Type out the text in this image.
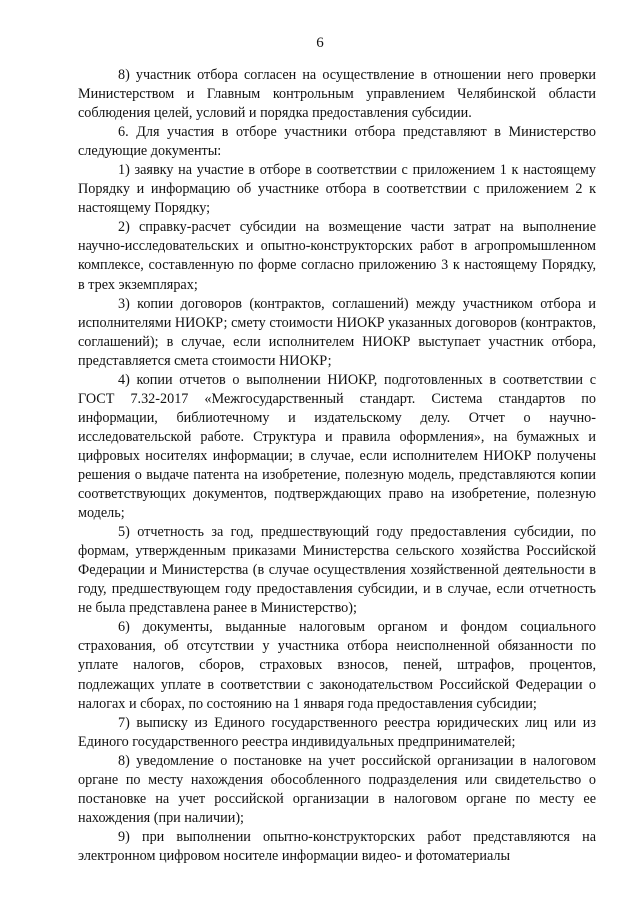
6

8) участник отбора согласен на осуществление в отношении него проверки Министерством и Главным контрольным управлением Челябинской области соблюдения целей, условий и порядка предоставления субсидии.

6. Для участия в отборе участники отбора представляют в Министерство следующие документы:

1) заявку на участие в отборе в соответствии с приложением 1 к настоящему Порядку и информацию об участнике отбора в соответствии с приложением 2 к настоящему Порядку;

2) справку-расчет субсидии на возмещение части затрат на выполнение научно-исследовательских и опытно-конструкторских работ в агропромышленном комплексе, составленную по форме согласно приложению 3 к настоящему Порядку, в трех экземплярах;

3) копии договоров (контрактов, соглашений) между участником отбора и исполнителями НИОКР; смету стоимости НИОКР указанных договоров (контрактов, соглашений); в случае, если исполнителем НИОКР выступает участник отбора, представляется смета стоимости НИОКР;

4) копии отчетов о выполнении НИОКР, подготовленных в соответствии с ГОСТ 7.32-2017 «Межгосударственный стандарт. Система стандартов по информации, библиотечному и издательскому делу. Отчет о научно-исследовательской работе. Структура и правила оформления», на бумажных и цифровых носителях информации; в случае, если исполнителем НИОКР получены решения о выдаче патента на изобретение, полезную модель, представляются копии соответствующих документов, подтверждающих право на изобретение, полезную модель;

5) отчетность за год, предшествующий году предоставления субсидии, по формам, утвержденным приказами Министерства сельского хозяйства Российской Федерации и Министерства (в случае осуществления хозяйственной деятельности в году, предшествующем году предоставления субсидии, и в случае, если отчетность не была представлена ранее в Министерство);

6) документы, выданные налоговым органом и фондом социального страхования, об отсутствии у участника отбора неисполненной обязанности по уплате налогов, сборов, страховых взносов, пеней, штрафов, процентов, подлежащих уплате в соответствии с законодательством Российской Федерации о налогах и сборах, по состоянию на 1 января года предоставления субсидии;

7) выписку из Единого государственного реестра юридических лиц или из Единого государственного реестра индивидуальных предпринимателей;

8) уведомление о постановке на учет российской организации в налоговом органе по месту нахождения обособленного подразделения или свидетельство о постановке на учет российской организации в налоговом органе по месту ее нахождения (при наличии);

9) при выполнении опытно-конструкторских работ представляются на электронном цифровом носителе информации видео- и фотоматериалы
